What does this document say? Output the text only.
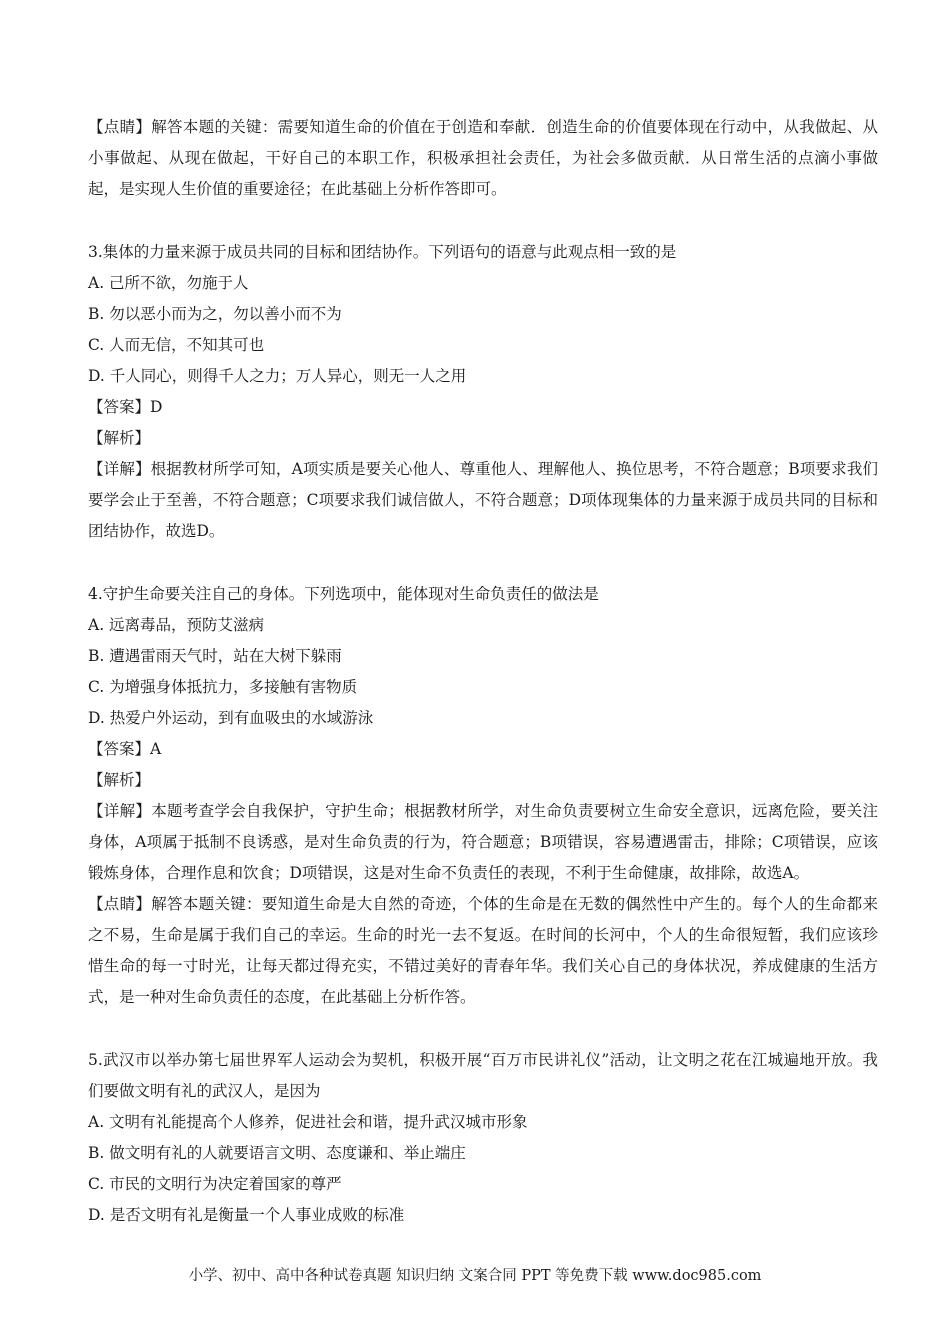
【点睛】解答本题的关键：需要知道生命的价值在于创造和奉献．创造生命的价值要体现在行动中，从我做起、从小事做起、从现在做起，干好自己的本职工作，积极承担社会责任，为社会多做贡献．从日常生活的点滴小事做起，是实现人生价值的重要途径；在此基础上分析作答即可。

3.集体的力量来源于成员共同的目标和团结协作。下列语句的语意与此观点相一致的是

A. 己所不欲，勿施于人

B. 勿以恶小而为之，勿以善小而不为

C. 人而无信，不知其可也

D. 千人同心，则得千人之力；万人异心，则无一人之用

【答案】D

【解析】

【详解】根据教材所学可知，A项实质是要关心他人、尊重他人、理解他人、换位思考，不符合题意；B项要求我们要学会止于至善，不符合题意；C项要求我们诚信做人，不符合题意；D项体现集体的力量来源于成员共同的目标和团结协作，故选D。

4.守护生命要关注自己的身体。下列选项中，能体现对生命负责任的做法是

A. 远离毒品，预防艾滋病

B. 遭遇雷雨天气时，站在大树下躲雨

C. 为增强身体抵抗力，多接触有害物质

D. 热爱户外运动，到有血吸虫的水域游泳

【答案】A

【解析】

【详解】本题考查学会自我保护，守护生命；根据教材所学，对生命负责要树立生命安全意识，远离危险，要关注身体，A项属于抵制不良诱惑，是对生命负责的行为，符合题意；B项错误，容易遭遇雷击，排除；C项错误，应该锻炼身体，合理作息和饮食；D项错误，这是对生命不负责任的表现，不利于生命健康，故排除，故选A。

【点睛】解答本题关键：要知道生命是大自然的奇迹，个体的生命是在无数的偶然性中产生的。每个人的生命都来之不易，生命是属于我们自己的幸运。生命的时光一去不复返。在时间的长河中，个人的生命很短暂，我们应该珍惜生命的每一寸时光，让每天都过得充实，不错过美好的青春年华。我们关心自己的身体状况，养成健康的生活方式，是一种对生命负责任的态度，在此基础上分析作答。

5.武汉市以举办第七届世界军人运动会为契机，积极开展“百万市民讲礼仪”活动，让文明之花在江城遍地开放。我们要做文明有礼的武汉人，是因为

A. 文明有礼能提高个人修养，促进社会和谐，提升武汉城市形象

B. 做文明有礼的人就要语言文明、态度谦和、举止端庄

C. 市民的文明行为决定着国家的尊严

D. 是否文明有礼是衡量一个人事业成败的标准

小学、初中、高中各种试卷真题 知识归纳 文案合同 PPT 等免费下载 www.doc985.com
